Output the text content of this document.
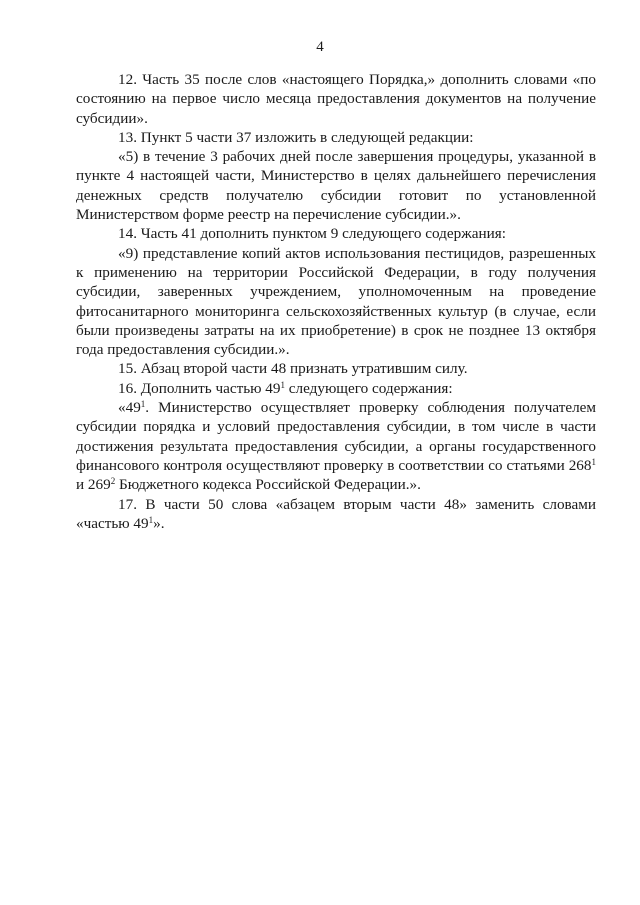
4

12. Часть 35 после слов «настоящего Порядка,» дополнить словами «по состоянию на первое число месяца предоставления документов на получение субсидии».

13. Пункт 5 части 37 изложить в следующей редакции:

«5) в течение 3 рабочих дней после завершения процедуры, указанной в пункте 4 настоящей части, Министерство в целях дальнейшего перечисления денежных средств получателю субсидии готовит по установленной Министерством форме реестр на перечисление субсидии.».

14. Часть 41 дополнить пунктом 9 следующего содержания:

«9) представление копий актов использования пестицидов, разрешенных к применению на территории Российской Федерации, в году получения субсидии, заверенных учреждением, уполномоченным на проведение фитосанитарного мониторинга сельскохозяйственных культур (в случае, если были произведены затраты на их приобретение) в срок не позднее 13 октября года предоставления субсидии.».

15. Абзац второй части 48 признать утратившим силу.

16. Дополнить частью $49^1$ следующего содержания:

«$49^1$. Министерство осуществляет проверку соблюдения получателем субсидии порядка и условий предоставления субсидии, в том числе в части достижения результата предоставления субсидии, а органы государственного финансового контроля осуществляют проверку в соответствии со статьями $268^1$ и $269^2$ Бюджетного кодекса Российской Федерации.».

17. В части 50 слова «абзацем вторым части 48» заменить словами «частью $49^1$».
